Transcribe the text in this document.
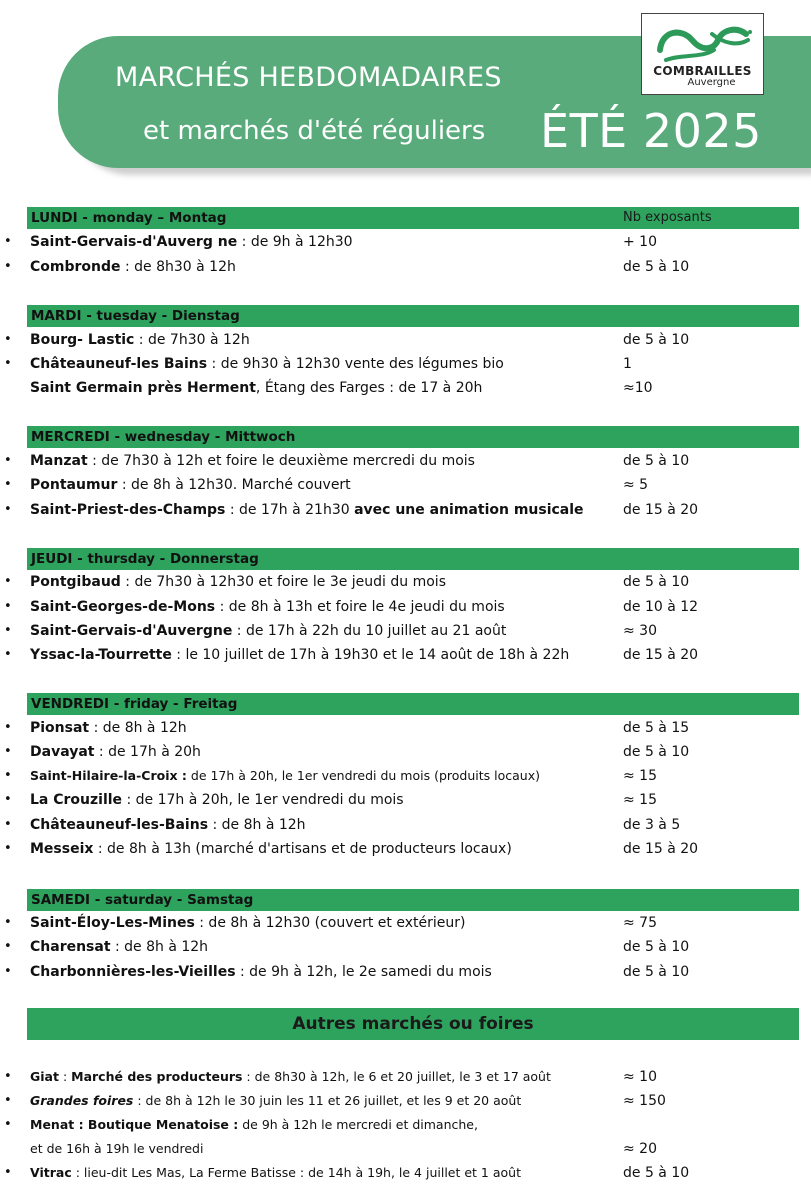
MARCHÉS HEBDOMADAIRES
et marchés d'été réguliers ÉTÉ 2025
COMBRAILLES
Auvergne
LUNDI - monday – Montag	Nb exposants
• Saint-Gervais-d'Auverg ne : de 9h à 12h30	+ 10
• Combronde : de 8h30 à 12h	de 5 à 10
MARDI - tuesday - Dienstag
• Bourg- Lastic : de 7h30 à 12h	de 5 à 10
• Châteauneuf-les Bains : de 9h30 à 12h30 vente des légumes bio	1
Saint Germain près Herment, Étang des Farges : de 17 à 20h	≈10
MERCREDI - wednesday - Mittwoch
• Manzat : de 7h30 à 12h et foire le deuxième mercredi du mois	de 5 à 10
• Pontaumur : de 8h à 12h30. Marché couvert	≈ 5
• Saint-Priest-des-Champs : de 17h à 21h30 avec une animation musicale	de 15 à 20
JEUDI - thursday - Donnerstag
• Pontgibaud : de 7h30 à 12h30 et foire le 3e jeudi du mois	de 5 à 10
• Saint-Georges-de-Mons : de 8h à 13h et foire le 4e jeudi du mois	de 10 à 12
• Saint-Gervais-d'Auvergne : de 17h à 22h du 10 juillet au 21 août	≈ 30
• Yssac-la-Tourrette : le 10 juillet de 17h à 19h30 et le 14 août de 18h à 22h	de 15 à 20
VENDREDI - friday - Freitag
• Pionsat : de 8h à 12h	de 5 à 15
• Davayat : de 17h à 20h	de 5 à 10
• Saint-Hilaire-la-Croix : de 17h à 20h, le 1er vendredi du mois (produits locaux)	≈ 15
• La Crouzille : de 17h à 20h, le 1er vendredi du mois	≈ 15
• Châteauneuf-les-Bains : de 8h à 12h	de 3 à 5
• Messeix : de 8h à 13h (marché d'artisans et de producteurs locaux)	de 15 à 20
SAMEDI - saturday - Samstag
• Saint-Éloy-Les-Mines : de 8h à 12h30 (couvert et extérieur)	≈ 75
• Charensat : de 8h à 12h	de 5 à 10
• Charbonnières-les-Vieilles : de 9h à 12h, le 2e samedi du mois	de 5 à 10
Autres marchés ou foires
• Giat : Marché des producteurs : de 8h30 à 12h, le 6 et 20 juillet, le 3 et 17 août	≈ 10
• Grandes foires : de 8h à 12h le 30 juin les 11 et 26 juillet, et les 9 et 20 août	≈ 150
• Menat : Boutique Menatoise : de 9h à 12h le mercredi et dimanche,
et de 16h à 19h le vendredi	≈ 20
• Vitrac : lieu-dit Les Mas, La Ferme Batisse : de 14h à 19h, le 4 juillet et 1 août	de 5 à 10
